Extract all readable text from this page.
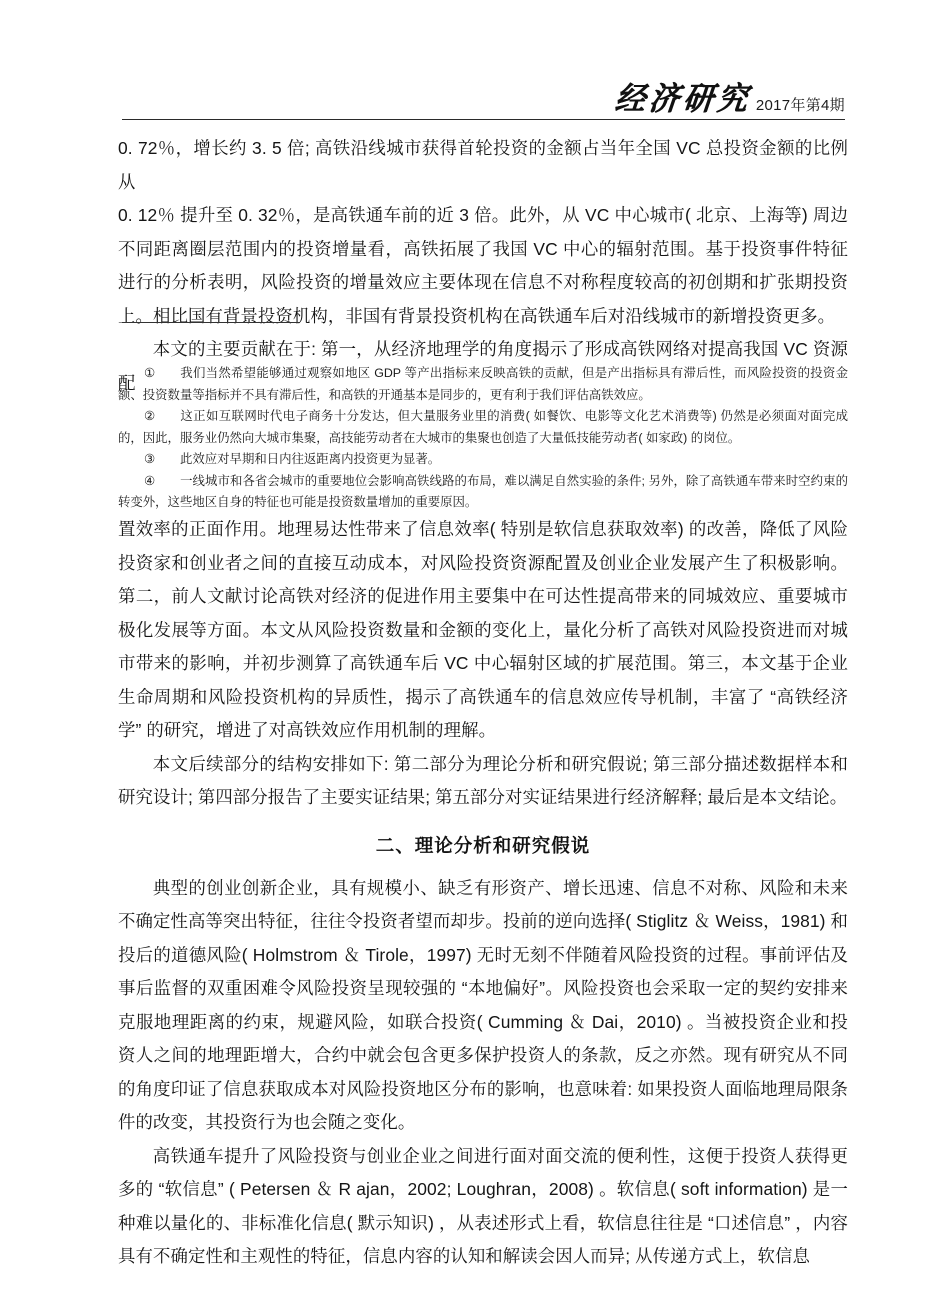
经济研究 2017年第4期

0. 72％，增长约 3. 5 倍; 高铁沿线城市获得首轮投资的金额占当年全国 VC 总投资金额的比例从
0. 12％ 提升至 0. 32％，是高铁通车前的近 3 倍。此外，从 VC 中心城市( 北京、上海等) 周边不同距离圈层范围内的投资增量看，高铁拓展了我国 VC 中心的辐射范围。基于投资事件特征进行的分析表明，风险投资的增量效应主要体现在信息不对称程度较高的初创期和扩张期投资上。相比国有背景投资机构，非国有背景投资机构在高铁通车后对沿线城市的新增投资更多。

本文的主要贡献在于: 第一，从经济地理学的角度揭示了形成高铁网络对提高我国 VC 资源配 ① 我们当然希望能够通过观察如地区 GDP 等产出指标来反映高铁的贡献，但是产出指标具有滞后性，而风险投资的投资金额、投资数量等指标并不具有滞后性，和高铁的开通基本是同步的，更有利于我们评估高铁效应。

② 这正如互联网时代电子商务十分发达，但大量服务业里的消费( 如餐饮、电影等文化艺术消费等) 仍然是必须面对面完成的，因此，服务业仍然向大城市集聚，高技能劳动者在大城市的集聚也创造了大量低技能劳动者( 如家政) 的岗位。

③ 此效应对早期和日内往返距离内投资更为显著。

④ 一线城市和各省会城市的重要地位会影响高铁线路的布局，难以满足自然实验的条件; 另外，除了高铁通车带来时空约束的转变外，这些地区自身的特征也可能是投资数量增加的重要原因。

置效率的正面作用。地理易达性带来了信息效率( 特别是软信息获取效率) 的改善，降低了风险投资家和创业者之间的直接互动成本，对风险投资资源配置及创业企业发展产生了积极影响。第二，前人文献讨论高铁对经济的促进作用主要集中在可达性提高带来的同城效应、重要城市极化发展等方面。本文从风险投资数量和金额的变化上，量化分析了高铁对风险投资进而对城市带来的影响，并初步测算了高铁通车后 VC 中心辐射区域的扩展范围。第三，本文基于企业生命周期和风险投资机构的异质性，揭示了高铁通车的信息效应传导机制，丰富了 “高铁经济学” 的研究，增进了对高铁效应作用机制的理解。

本文后续部分的结构安排如下: 第二部分为理论分析和研究假说; 第三部分描述数据样本和研究设计; 第四部分报告了主要实证结果; 第五部分对实证结果进行经济解释; 最后是本文结论。

二、理论分析和研究假说

典型的创业创新企业，具有规模小、缺乏有形资产、增长迅速、信息不对称、风险和未来不确定性高等突出特征，往往令投资者望而却步。投前的逆向选择( Stiglitz ＆ Weiss，1981) 和投后的道德风险( Holmstrom ＆ Tirole，1997) 无时无刻不伴随着风险投资的过程。事前评估及事后监督的双重困难令风险投资呈现较强的 “本地偏好”。风险投资也会采取一定的契约安排来克服地理距离的约束，规避风险，如联合投资( Cumming ＆ Dai，2010) 。当被投资企业和投资人之间的地理距增大，合约中就会包含更多保护投资人的条款，反之亦然。现有研究从不同的角度印证了信息获取成本对风险投资地区分布的影响，也意味着: 如果投资人面临地理局限条件的改变，其投资行为也会随之变化。

高铁通车提升了风险投资与创业企业之间进行面对面交流的便利性，这便于投资人获得更多的 “软信息” ( Petersen ＆ R ajan，2002; Loughran，2008) 。软信息( soft information) 是一种难以量化的、非标准化信息( 默示知识) ，从表述形式上看，软信息往往是 “口述信息” ，内容具有不确定性和主观性的特征，信息内容的认知和解读会因人而异; 从传递方式上，软信息
